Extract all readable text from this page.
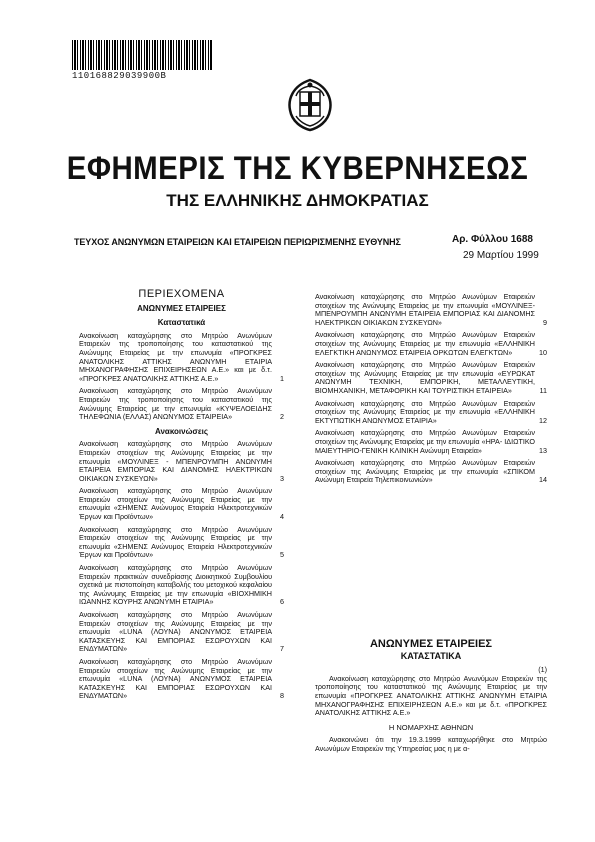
110168829039900B
ΕΦΗΜΕΡΙΣ ΤΗΣ ΚΥΒΕΡΝΗΣΕΩΣ
ΤΗΣ ΕΛΛΗΝΙΚΗΣ ΔΗΜΟΚΡΑΤΙΑΣ
ΤΕΥΧΟΣ ΑΝΩΝΥΜΩΝ ΕΤΑΙΡΕΙΩΝ ΚΑΙ ΕΤΑΙΡΕΙΩΝ ΠΕΡΙΩΡΙΣΜΕΝΗΣ ΕΥΘΥΝΗΣ	Αρ. Φύλλου 1688
29 Μαρτίου 1999
ΠΕΡΙΕΧΟΜΕΝΑ
ΑΝΩΝΥΜΕΣ ΕΤΑΙΡΕΙΕΣ
Καταστατικά
Ανακοίνωση καταχώρησης στο Μητρώο Ανωνύμων Εταιρειών της τροποποίησης του καταστατικού της Ανώνυμης Εταιρείας με την επωνυμία «ΠΡΟΓΚΡΕΣ ΑΝΑΤΟΛΙΚΗΣ ΑΤΤΙΚΗΣ ΑΝΩΝΥΜΗ ΕΤΑΙΡΙΑ ΜΗΧΑΝΟΓΡΑΦΗΣΗΣ ΕΠΙΧΕΙΡΗΣΕΩΝ Α.Ε.» και με δ.τ. «ΠΡΟΓΚΡΕΣ ΑΝΑΤΟΛΙΚΗΣ ΑΤΤΙΚΗΣ Α.Ε.»	1
Ανακοίνωση καταχώρησης στο Μητρώο Ανωνύμων Εταιρειών της τροποποίησης του καταστατικού της Ανώνυμης Εταιρείας με την επωνυμία «ΚΥΨΕΛΟΕΙΔΗΣ ΤΗΛΕΦΩΝΙΑ (ΕΛΛΑΣ) ΑΝΩΝΥΜΟΣ ΕΤΑΙΡΕΙΑ»	2
Ανακοινώσεις
Ανακοίνωση καταχώρησης στο Μητρώο Ανωνύμων Εταιρειών στοιχείων της Ανώνυμης Εταιρείας με την επωνυμία «ΜΟΥΛΙΝΕΞ - ΜΠΕΝΡΟΥΜΠΗ ΑΝΩΝΥΜΗ ΕΤΑΙΡΕΙΑ ΕΜΠΟΡΙΑΣ ΚΑΙ ΔΙΑΝΟΜΗΣ ΗΛΕΚΤΡΙΚΩΝ ΟΙΚΙΑΚΩΝ ΣΥΣΚΕΥΩΝ»	3
Ανακοίνωση καταχώρησης στο Μητρώο Ανωνύμων Εταιρειών στοιχείων της Ανώνυμης Εταιρείας με την επωνυμία «ΣΗΜΕΝΣ Ανώνυμος Εταιρεία Ηλεκτροτεχνικών Έργων και Προϊόντων»	4
Ανακοίνωση καταχώρησης στο Μητρώο Ανωνύμων Εταιρειών στοιχείων της Ανώνυμης Εταιρείας με την επωνυμία «ΣΗΜΕΝΣ Ανώνυμος Εταιρεία Ηλεκτροτεχνικών Έργων και Προϊόντων»	5
Ανακοίνωση καταχώρησης στο Μητρώο Ανωνύμων Εταιρειών πρακτικών συνεδρίασης Διοικητικού Συμβουλίου σχετικά με πιστοποίηση καταβολής του μετοχικού κεφαλαίου της Ανώνυμης Εταιρείας με την επωνυμία «ΒΙΟΧΗΜΙΚΗ ΙΩΑΝΝΗΣ ΚΟΥΡΗΣ ΑΝΩΝΥΜΗ ΕΤΑΙΡΙΑ»	6
Ανακοίνωση καταχώρησης στο Μητρώο Ανωνύμων Εταιρειών στοιχείων της Ανώνυμης Εταιρείας με την επωνυμία «LUNA (ΛΟΥΝΑ) ΑΝΩΝΥΜΟΣ ΕΤΑΙΡΕΙΑ ΚΑΤΑΣΚΕΥΗΣ ΚΑΙ ΕΜΠΟΡΙΑΣ ΕΣΩΡΟΥΧΩΝ ΚΑΙ ΕΝΔΥΜΑΤΩΝ»	7
Ανακοίνωση καταχώρησης στο Μητρώο Ανωνύμων Εταιρειών στοιχείων της Ανώνυμης Εταιρείας με την επωνυμία «LUNA (ΛΟΥΝΑ) ΑΝΩΝΥΜΟΣ ΕΤΑΙΡΕΙΑ ΚΑΤΑΣΚΕΥΗΣ ΚΑΙ ΕΜΠΟΡΙΑΣ ΕΣΩΡΟΥΧΩΝ ΚΑΙ ΕΝΔΥΜΑΤΩΝ»	8
Ανακοίνωση καταχώρησης στο Μητρώο Ανωνύμων Εταιρειών στοιχείων της Ανώνυμης Εταιρείας με την επωνυμία «ΜΟΥΛΙΝΕΞ-ΜΠΕΝΡΟΥΜΠΗ ΑΝΩΝΥΜΗ ΕΤΑΙΡΕΙΑ ΕΜΠΟΡΙΑΣ ΚΑΙ ΔΙΑΝΟΜΗΣ ΗΛΕΚΤΡΙΚΩΝ ΟΙΚΙΑΚΩΝ ΣΥΣΚΕΥΩΝ»	9
Ανακοίνωση καταχώρησης στο Μητρώο Ανωνύμων Εταιρειών στοιχείων της Ανώνυμης Εταιρείας με την επωνυμία «ΕΛΛΗΝΙΚΗ ΕΛΕΓΚΤΙΚΗ ΑΝΩΝΥΜΟΣ ΕΤΑΙΡΕΙΑ ΟΡΚΩΤΩΝ ΕΛΕΓΚΤΩΝ»	10
Ανακοίνωση καταχώρησης στο Μητρώο Ανωνύμων Εταιρειών στοιχείων της Ανώνυμης Εταιρείας με την επωνυμία «ΕΥΡΩΚΑΤ ΑΝΩΝΥΜΗ ΤΕΧΝΙΚΗ, ΕΜΠΟΡΙΚΗ, ΜΕΤΑΛΛΕΥΤΙΚΗ, ΒΙΟΜΗΧΑΝΙΚΗ, ΜΕΤΑΦΟΡΙΚΗ ΚΑΙ ΤΟΥΡΙΣΤΙΚΗ ΕΤΑΙΡΕΙΑ»	11
Ανακοίνωση καταχώρησης στο Μητρώο Ανωνύμων Εταιρειών στοιχείων της Ανώνυμης Εταιρείας με την επωνυμία «ΕΛΛΗΝΙΚΗ ΕΚΤΥΠΩΤΙΚΗ ΑΝΩΝΥΜΟΣ ΕΤΑΙΡΙΑ»	12
Ανακοίνωση καταχώρησης στο Μητρώο Ανωνύμων Εταιρειών στοιχείων της Ανώνυμης Εταιρείας με την επωνυμία «ΗΡΑ- ΙΔΙΩΤΙΚΟ ΜΑΙΕΥΤΗΡΙΟ-ΓΕΝΙΚΗ ΚΛΙΝΙΚΗ Ανώνυμη Εταιρεία»	13
Ανακοίνωση καταχώρησης στο Μητρώο Ανωνύμων Εταιρειών στοιχείων της Ανώνυμης Εταιρείας με την επωνυμία «ΣΠΙΚΟΜ Ανώνυμη Εταιρεία Τηλεπικοινωνιών»	14
ΑΝΩΝΥΜΕΣ ΕΤΑΙΡΕΙΕΣ
ΚΑΤΑΣΤΑΤΙΚΑ
(1)
Ανακοίνωση καταχώρησης στο Μητρώο Ανωνύμων Εταιρειών της τροποποίησης του καταστατικού της Ανώνυμης Εταιρείας με την επωνυμία «ΠΡΟΓΚΡΕΣ ΑΝΑΤΟΛΙΚΗΣ ΑΤΤΙΚΗΣ ΑΝΩΝΥΜΗ ΕΤΑΙΡΙΑ ΜΗΧΑΝΟΓΡΑΦΗΣΗΣ ΕΠΙΧΕΙΡΗΣΕΩΝ Α.Ε.» και με δ.τ. «ΠΡΟΓΚΡΕΣ ΑΝΑΤΟΛΙΚΗΣ ΑΤΤΙΚΗΣ Α.Ε.»
Η ΝΟΜΑΡΧΗΣ ΑΘΗΝΩΝ
Ανακοινώνει ότι την 19.3.1999 καταχωρήθηκε στο Μητρώο Ανωνύμων Εταιρειών της Υπηρεσίας μας η με α-
